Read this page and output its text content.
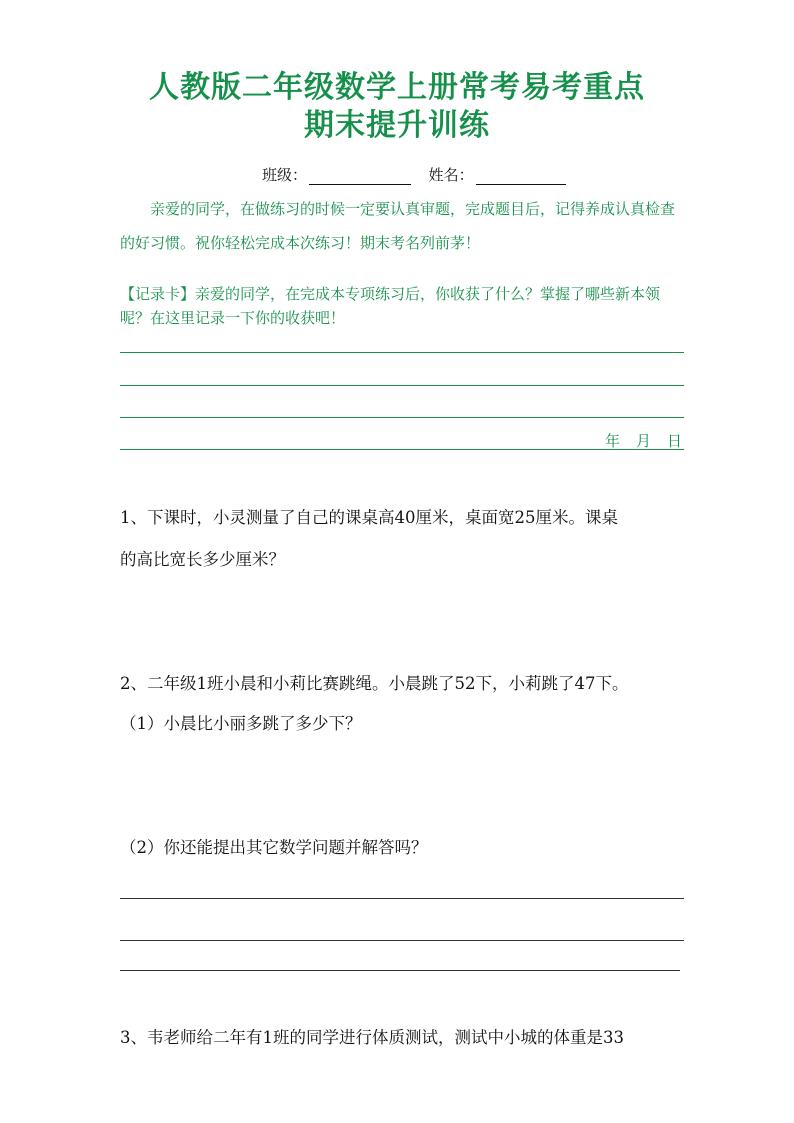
人教版二年级数学上册常考易考重点
期末提升训练
班级：	姓名：
亲爱的同学，在做练习的时候一定要认真审题，完成题目后，记得养成认真检查的好习惯。祝你轻松完成本次练习！期末考名列前茅！
【记录卡】亲爱的同学，在完成本专项练习后，你收获了什么？掌握了哪些新本领呢？在这里记录一下你的收获吧！
年 月 日
1、下课时，小灵测量了自己的课桌高40厘米，桌面宽25厘米。课桌
的高比宽长多少厘米？
2、二年级1班小晨和小莉比赛跳绳。小晨跳了52下，小莉跳了47下。
（1）小晨比小丽多跳了多少下？
（2）你还能提出其它数学问题并解答吗？
3、韦老师给二年有1班的同学进行体质测试，测试中小城的体重是33
